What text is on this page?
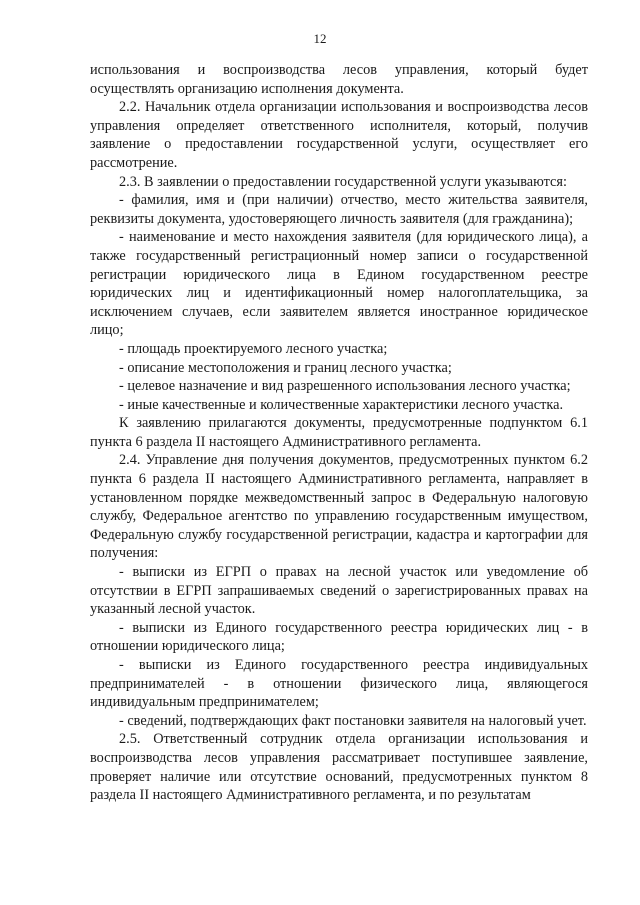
12

использования и воспроизводства лесов управления, который будет осуществлять организацию исполнения документа.

2.2. Начальник отдела организации использования и воспроизводства лесов управления определяет ответственного исполнителя, который, получив заявление о предоставлении государственной услуги, осуществляет его рассмотрение.

2.3. В заявлении о предоставлении государственной услуги указываются:

- фамилия, имя и (при наличии) отчество, место жительства заявителя, реквизиты документа, удостоверяющего личность заявителя (для гражданина);

- наименование и место нахождения заявителя (для юридического лица), а также государственный регистрационный номер записи о государственной регистрации юридического лица в Едином государственном реестре юридических лиц и идентификационный номер налогоплательщика, за исключением случаев, если заявителем является иностранное юридическое лицо;

- площадь проектируемого лесного участка;

- описание местоположения и границ лесного участка;

- целевое назначение и вид разрешенного использования лесного участка;

- иные качественные и количественные характеристики лесного участка.

К заявлению прилагаются документы, предусмотренные подпунктом 6.1 пункта 6 раздела II настоящего Административного регламента.

2.4. Управление дня получения документов, предусмотренных пунктом 6.2 пункта 6 раздела II настоящего Административного регламента, направляет в установленном порядке межведомственный запрос в Федеральную налоговую службу, Федеральное агентство по управлению государственным имуществом, Федеральную службу государственной регистрации, кадастра и картографии для получения:

- выписки из ЕГРП о правах на лесной участок или уведомление об отсутствии в ЕГРП запрашиваемых сведений о зарегистрированных правах на указанный лесной участок.

- выписки из Единого государственного реестра юридических лиц - в отношении юридического лица;

- выписки из Единого государственного реестра индивидуальных предпринимателей - в отношении физического лица, являющегося индивидуальным предпринимателем;

- сведений, подтверждающих факт постановки заявителя на налоговый учет.

2.5. Ответственный сотрудник отдела организации использования и воспроизводства лесов управления рассматривает поступившее заявление, проверяет наличие или отсутствие оснований, предусмотренных пунктом 8 раздела II настоящего Административного регламента, и по результатам
